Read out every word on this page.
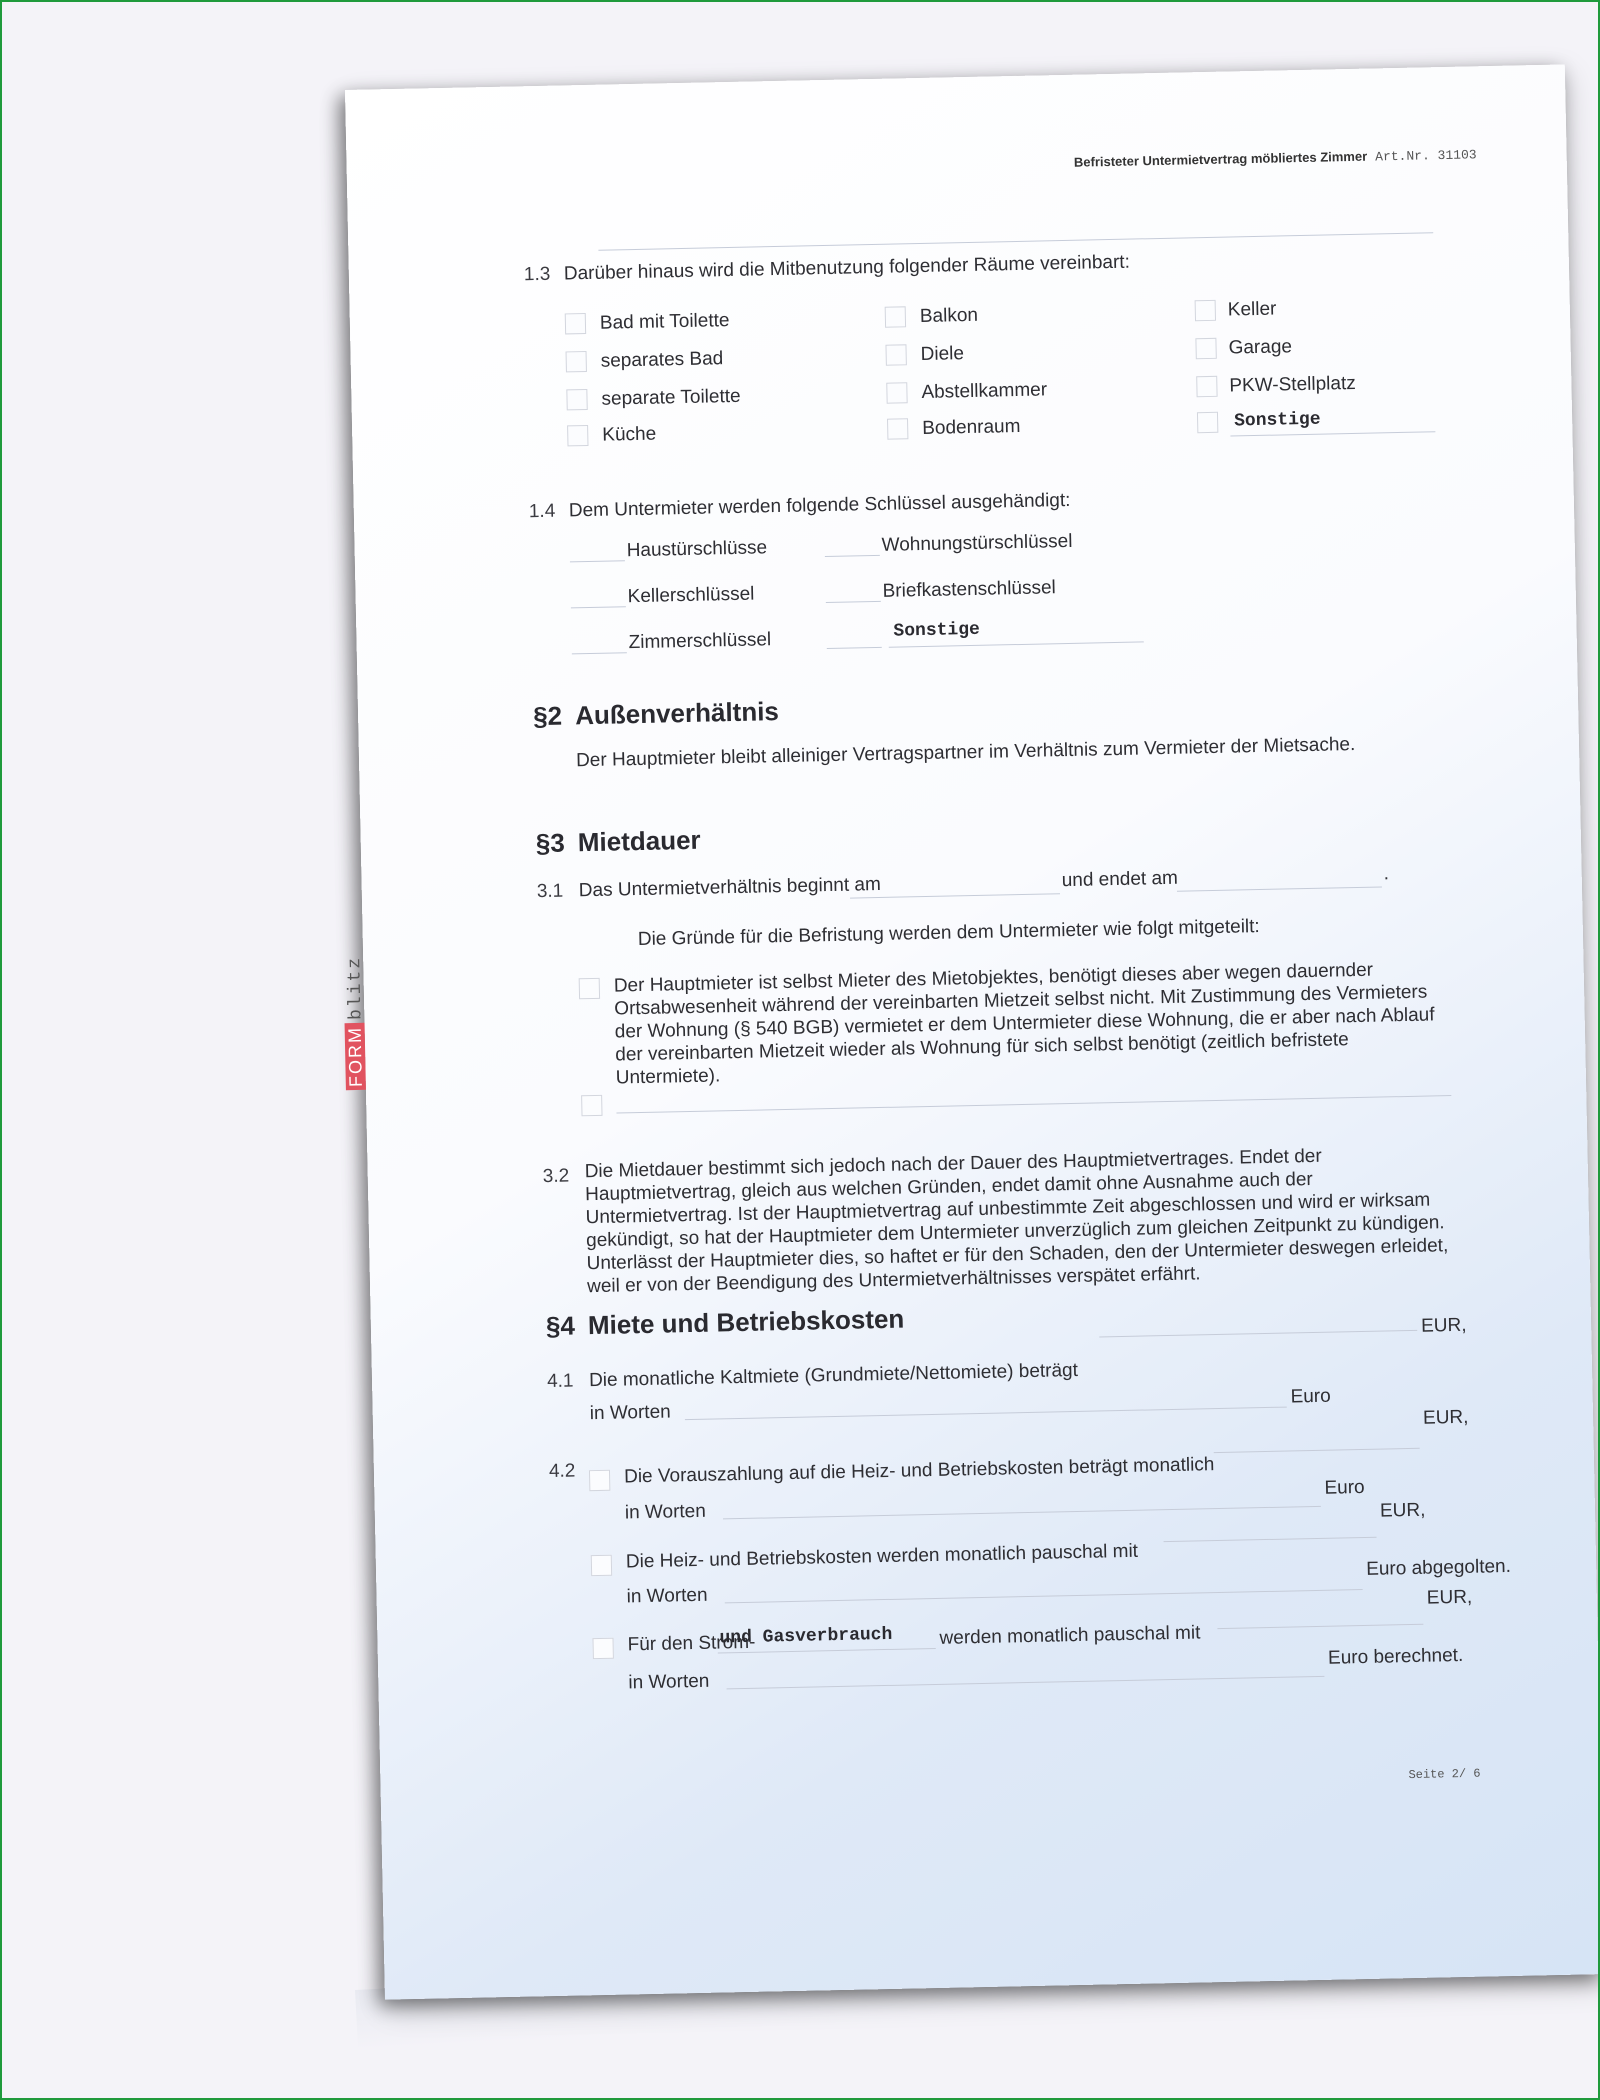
Befristeter Untermietvertrag möbliertes Zimmer Art.Nr. 31103
FORMblitz
1.3 Darüber hinaus wird die Mitbenutzung folgender Räume vereinbart:
Bad mit Toilette
separates Bad
separate Toilette
Küche
Balkon
Diele
Abstellkammer
Bodenraum
Keller
Garage
PKW-Stellplatz
Sonstige
1.4 Dem Untermieter werden folgende Schlüssel ausgehändigt:
Haustürschlüsse
Kellerschlüssel
Zimmerschlüssel
Wohnungstürschlüssel
Briefkastenschlüssel
Sonstige
§2 Außenverhältnis
Der Hauptmieter bleibt alleiniger Vertragspartner im Verhältnis zum Vermieter der Mietsache.
§3 Mietdauer
3.1 Das Untermietverhältnis beginnt am	und endet am	.
Die Gründe für die Befristung werden dem Untermieter wie folgt mitgeteilt:
Der Hauptmieter ist selbst Mieter des Mietobjektes, benötigt dieses aber wegen dauernder Ortsabwesenheit während der vereinbarten Mietzeit selbst nicht. Mit Zustimmung des Vermieters der Wohnung (§ 540 BGB) vermietet er dem Untermieter diese Wohnung, die er aber nach Ablauf der vereinbarten Mietzeit wieder als Wohnung für sich selbst benötigt (zeitlich befristete Untermiete).
3.2 Die Mietdauer bestimmt sich jedoch nach der Dauer des Hauptmietvertrages. Endet der Hauptmietvertrag, gleich aus welchen Gründen, endet damit ohne Ausnahme auch der Untermietvertrag. Ist der Hauptmietvertrag auf unbestimmte Zeit abgeschlossen und wird er wirksam gekündigt, so hat der Hauptmieter dem Untermieter unverzüglich zum gleichen Zeitpunkt zu kündigen. Unterlässt der Hauptmieter dies, so haftet er für den Schaden, den der Untermieter deswegen erleidet, weil er von der Beendigung des Untermietverhältnisses verspätet erfährt.
§4 Miete und Betriebskosten
4.1 Die monatliche Kaltmiete (Grundmiete/Nettomiete) beträgt
EUR,
in Worten
Euro
4.2
EUR,
Die Vorauszahlung auf die Heiz- und Betriebskosten beträgt monatlich
in Worten
Euro
EUR,
Die Heiz- und Betriebskosten werden monatlich pauschal mit
in Worten
Euro abgegolten.
EUR,
Für den Strom-
und Gasverbrauch werden monatlich pauschal mit
in Worten
Euro berechnet.
Seite 2/ 6
